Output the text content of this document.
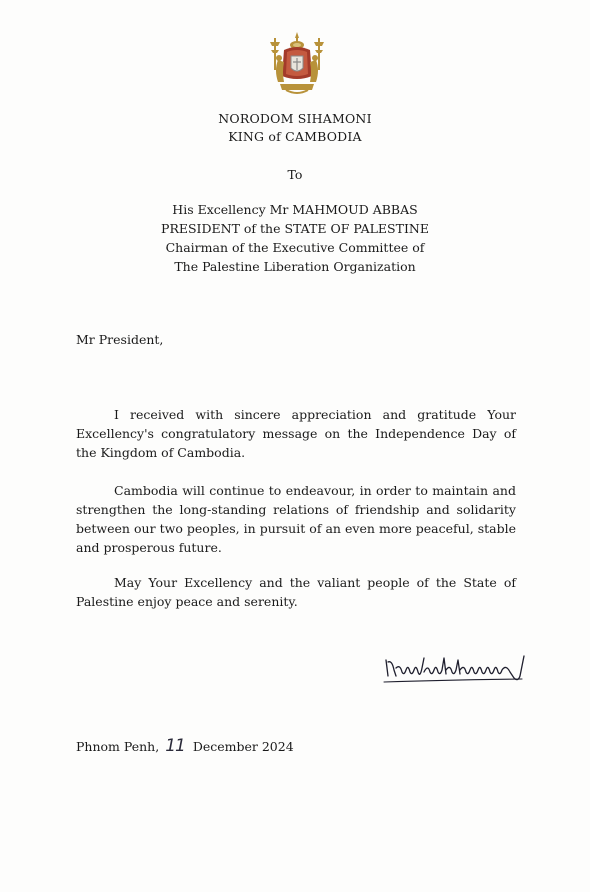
NORODOM SIHAMONI
KING of CAMBODIA
To
His Excellency Mr MAHMOUD ABBAS
PRESIDENT of the STATE OF PALESTINE
Chairman of the Executive Committee of
The Palestine Liberation Organization
Mr President,

I received with sincere appreciation and gratitude Your Excellency's congratulatory message on the Independence Day of the Kingdom of Cambodia.

Cambodia will continue to endeavour, in order to maintain and strengthen the long-standing relations of friendship and solidarity between our two peoples, in pursuit of an even more peaceful, stable and prosperous future.

May Your Excellency and the valiant people of the State of Palestine enjoy peace and serenity.

Phnom Penh, 11 December 2024
